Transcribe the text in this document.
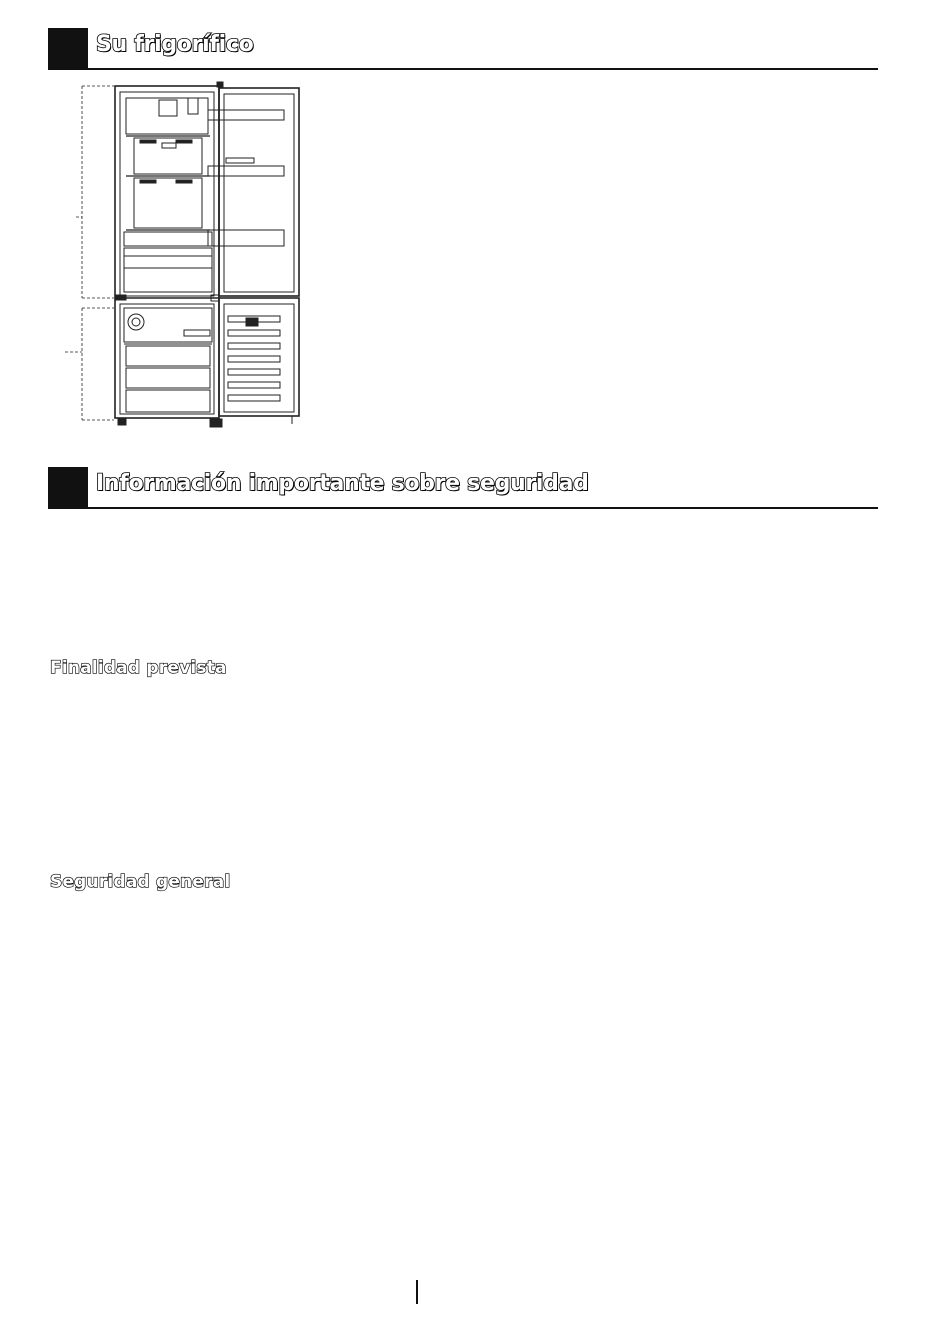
Su frigorífico
Información importante sobre seguridad
Finalidad prevista
Seguridad general
